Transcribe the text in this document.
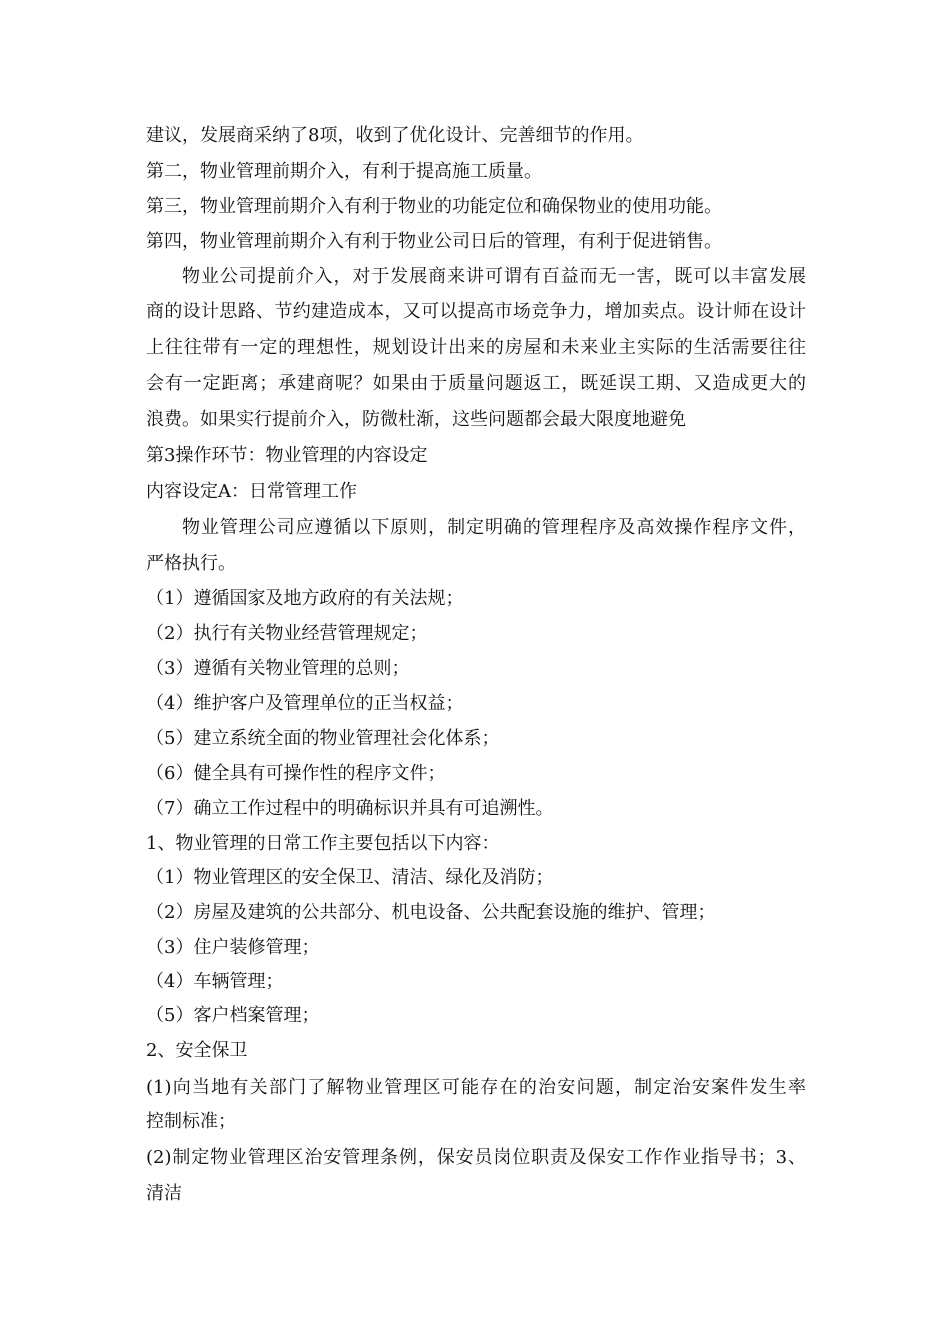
建议，发展商采纳了8项，收到了优化设计、完善细节的作用。

第二，物业管理前期介入，有利于提高施工质量。

第三，物业管理前期介入有利于物业的功能定位和确保物业的使用功能。

第四，物业管理前期介入有利于物业公司日后的管理，有利于促进销售。

物业公司提前介入，对于发展商来讲可谓有百益而无一害，既可以丰富发展

商的设计思路、节约建造成本，又可以提高市场竞争力，增加卖点。设计师在设计

上往往带有一定的理想性，规划设计出来的房屋和未来业主实际的生活需要往往

会有一定距离；承建商呢？如果由于质量问题返工，既延误工期、又造成更大的

浪费。如果实行提前介入，防微杜渐，这些问题都会最大限度地避免

第3操作环节：物业管理的内容设定

内容设定A：日常管理工作

物业管理公司应遵循以下原则，制定明确的管理程序及高效操作程序文件，

严格执行。

（1）遵循国家及地方政府的有关法规；

（2）执行有关物业经营管理规定；

（3）遵循有关物业管理的总则；

（4）维护客户及管理单位的正当权益；

（5）建立系统全面的物业管理社会化体系；

（6）健全具有可操作性的程序文件；

（7）确立工作过程中的明确标识并具有可追溯性。

1、物业管理的日常工作主要包括以下内容：

（1）物业管理区的安全保卫、清洁、绿化及消防；

（2）房屋及建筑的公共部分、机电设备、公共配套设施的维护、管理；

（3）住户装修管理；

（4）车辆管理；

（5）客户档案管理；

2、安全保卫

(1)向当地有关部门了解物业管理区可能存在的治安问题，制定治安案件发生率

控制标准；

(2)制定物业管理区治安管理条例，保安员岗位职责及保安工作作业指导书；3、

清洁
